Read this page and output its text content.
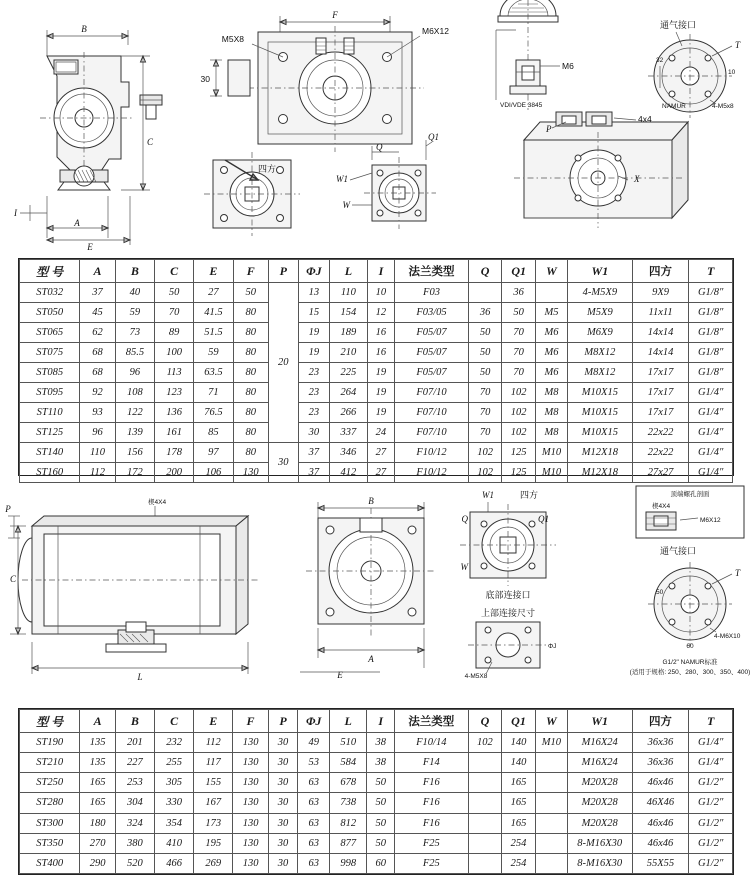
B
C
I
A
E
F
M5X8
M6X12
30
四方
Q
Q1
W1
W
M6
VDI/VDE 3845
P
4x4
X
通气接口
T
4-M5x8
NAMUR
32
10
型 号	A	B	C	E	F	P	ΦJ	L	I	法兰类型	Q	Q1	W	W1	四方	T
ST032	37	40	50	27	50	20	13	110	10	F03		36		4-M5X9	9X9	G1/8″
ST050	45	59	70	41.5	80		15	154	12	F03/05	36	50	M5	M5X9	11x11	G1/8″
ST065	62	73	89	51.5	80		19	189	16	F05/07	50	70	M6	M6X9	14x14	G1/8″
ST075	68	85.5	100	59	80		19	210	16	F05/07	50	70	M6	M8X12	14x14	G1/8″
ST085	68	96	113	63.5	80		23	225	19	F05/07	50	70	M6	M8X12	17x17	G1/8″
ST095	92	108	123	71	80		23	264	19	F07/10	70	102	M8	M10X15	17x17	G1/4″
ST110	93	122	136	76.5	80		23	266	19	F07/10	70	102	M8	M10X15	17x17	G1/4″
ST125	96	139	161	85	80		30	337	24	F07/10	70	102	M8	M10X15	22x22	G1/4″
ST140	110	156	178	97	80	30	37	346	27	F10/12	102	125	M10	M12X18	22x22	G1/4″
ST160	112	172	200	106	130		37	412	27	F10/12	102	125	M10	M12X18	27x27	G1/4″
楔4X4
P
C
L
B
A
E
四方
W1
Q1
Q
W
底部连接口
上部连接尺寸
4-M5X8
ΦJ
顶端螺孔剖面
楔4X4
M6X12
通气接口
T
4-M6X10
50
60
G1/2" NAMUR标准
(适用于规格: 250、280、300、350、400)
型 号	A	B	C	E	F	P	ΦJ	L	I	法兰类型	Q	Q1	W	W1	四方	T
ST190	135	201	232	112	130	30	49	510	38	F10/14	102	140	M10	M16X24	36x36	G1/4″
ST210	135	227	255	117	130	30	53	584	38	F14		140		M16X24	36x36	G1/4″
ST250	165	253	305	155	130	30	63	678	50	F16		165		M20X28	46x46	G1/2″
ST280	165	304	330	167	130	30	63	738	50	F16		165		M20X28	46X46	G1/2″
ST300	180	324	354	173	130	30	63	812	50	F16		165		M20X28	46x46	G1/2″
ST350	270	380	410	195	130	30	63	877	50	F25		254		8-M16X30	46x46	G1/2″
ST400	290	520	466	269	130	30	63	998	60	F25		254		8-M16X30	55X55	G1/2″
